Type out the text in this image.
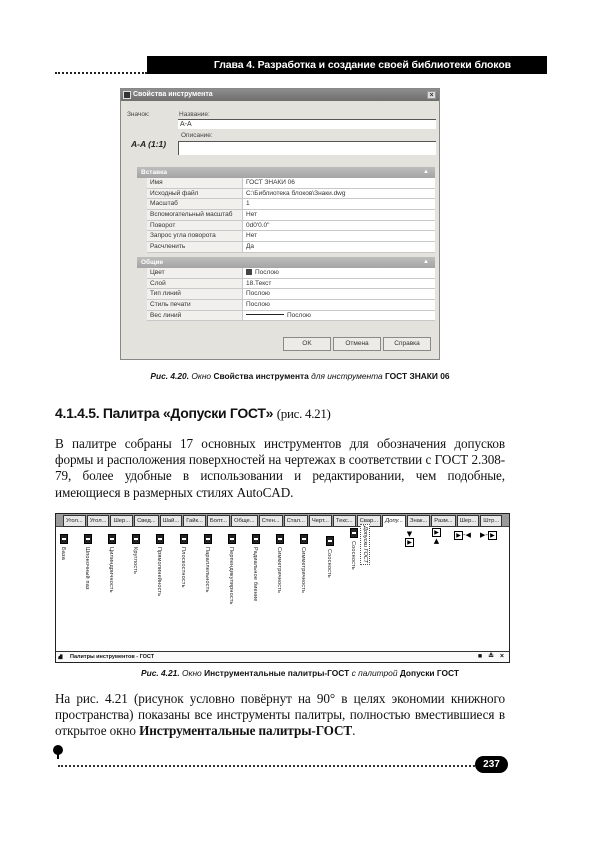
Глава 4. Разработка и создание своей библиотеки блоков
Свойства инструмента	×
Значок:	Название:
A-A
A-A (1:1)
Описание:
Вставка	▲
Имя	ГОСТ ЗНАКИ 06
Исходный файл	C:\Библиотека блоков\Знаки.dwg
Масштаб	1
Вспомогательный масштаб	Нет
Поворот	0d0'0.0"
Запрос угла поворота	Нет
Расчленить	Да
Общие	▲
Цвет	Послою
Слой	18.Текст
Тип линий	Послою
Стиль печати	Послою
Вес линий	Послою
OK	Отмена	Справка
Рис. 4.20. Окно Свойства инструмента для инструмента ГОСТ ЗНАКИ 06
4.1.4.5. Палитра «Допуски ГОСТ» (рис. 4.21)

В палитре собраны 17 основных инструментов для обозначения допусков формы и расположения поверхностей на чертежах в соответствии с ГОСТ 2.308-79, более удобные в использовании и редактировании, чем подобные, имеющиеся в размерных стилях AutoCAD.

Угол...	Угол...	Шер...	Свед...	Шай...	Гайк...	Болт...	Обще...	Стен...	Стал...	Черт...	Текс...	Свар...	Допу...	Знак...	Разм...	Шер...	Штр...
База	Шпоночный паз	Цилиндричность	Круглость	Прямолинейность	Плоскостность	Параллельность	Перпендикулярность	Радиальное биение	Симметричность	Симметричность	Соосность	Соосность	Допуски ГОСТ	▼
▶
▶
▲
▶ -◀ ▶- ▶
⛘ Палитры инструментов - ГОСТ	■ ≗ ×
Рис. 4.21. Окно Инструментальные палитры-ГОСТ с палитрой Допуски ГОСТ

На рис. 4.21 (рисунок условно повёрнут на 90° в целях экономии книжного пространства) показаны все инструменты палитры, полностью вместившиеся в открытое окно Инструментальные палитры-ГОСТ.

237
